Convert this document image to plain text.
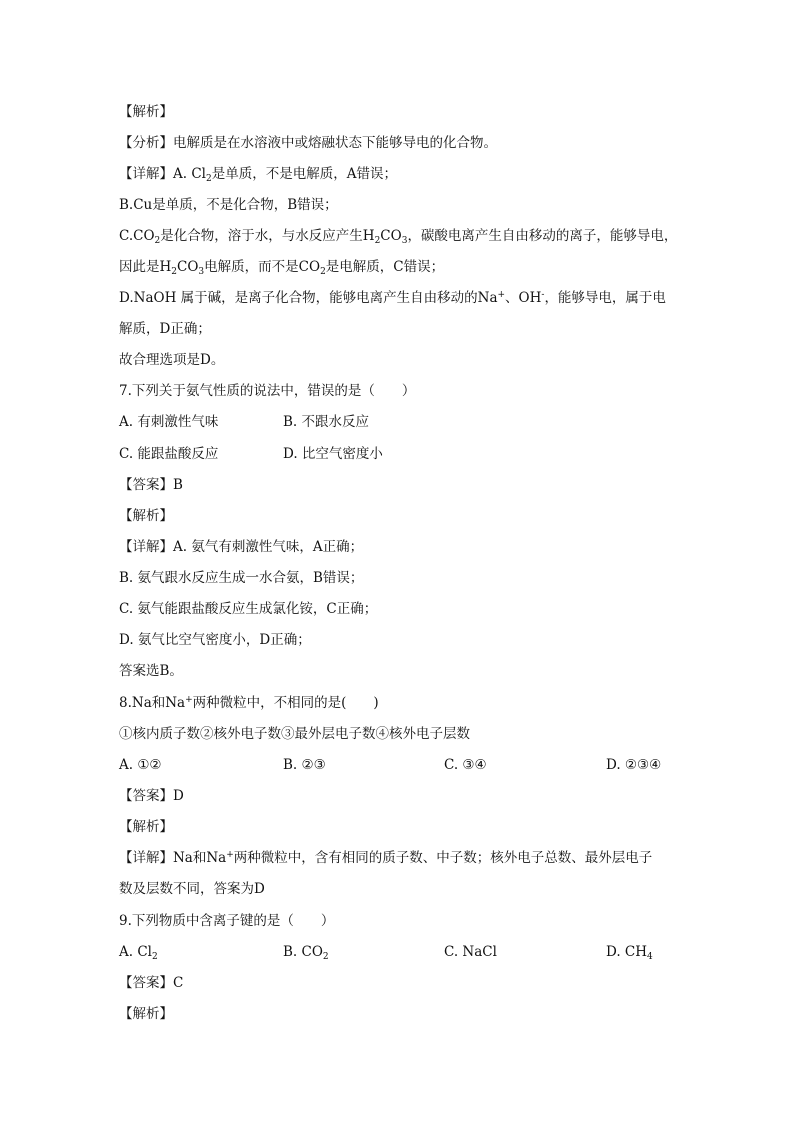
【解析】
【分析】电解质是在水溶液中或熔融状态下能够导电的化合物。
【详解】A. $Cl_2$是单质，不是电解质，A错误；
B.Cu是单质，不是化合物，B错误；
$C.CO_2$是化合物，溶于水，与水反应产生$H_2CO_3$，碳酸电离产生自由移动的离子，能够导电，
因此是$H_2CO_3$电解质，而不是$CO_2$是电解质，C错误；
D.NaOH 属于碱，是离子化合物，能够电离产生自由移动的Na+、OH-，能够导电，属于电
解质，D正确；
故合理选项是D。
7.下列关于氨气性质的说法中，错误的是（　　）
A. 有刺激性气味	B. 不跟水反应
C. 能跟盐酸反应	D. 比空气密度小
【答案】B
【解析】
【详解】A. 氨气有刺激性气味，A正确；
B. 氨气跟水反应生成一水合氨，B错误；
C. 氨气能跟盐酸反应生成氯化铵，C正确；
D. 氨气比空气密度小，D正确；
答案选B。
8.Na和Na+两种微粒中，不相同的是(　　)
①核内质子数②核外电子数③最外层电子数④核外电子层数
A. ①②	B. ②③	C. ③④	D. ②③④
【答案】D
【解析】
【详解】Na和Na+两种微粒中，含有相同的质子数、中子数；核外电子总数、最外层电子
数及层数不同，答案为D
9.下列物质中含离子键的是（　　）
A. $Cl_2$	B. $CO_2$	C. NaCl	D. $CH_4$
【答案】C
【解析】
